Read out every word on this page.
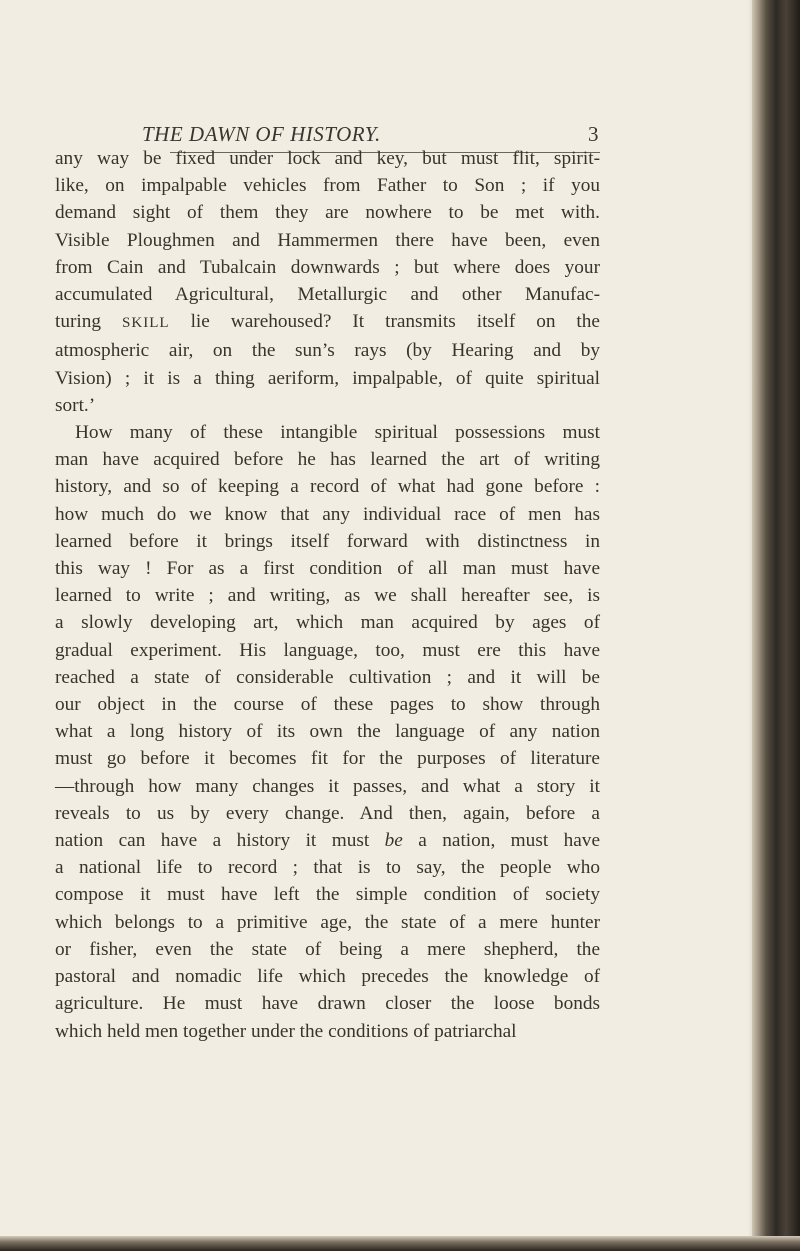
THE DAWN OF HISTORY.	3
any way be fixed under lock and key, but must flit, spirit-
like, on impalpable vehicles from Father to Son ; if you
demand sight of them they are nowhere to be met with.
Visible Ploughmen and Hammermen there have been, even
from Cain and Tubalcain downwards ; but where does your
accumulated Agricultural, Metallurgic and other Manufac-
turing SKILL lie warehoused? It transmits itself on the
atmospheric air, on the sun’s rays (by Hearing and by
Vision) ; it is a thing aeriform, impalpable, of quite spiritual
sort.’
How many of these intangible spiritual possessions must
man have acquired before he has learned the art of writing
history, and so of keeping a record of what had gone before :
how much do we know that any individual race of men has
learned before it brings itself forward with distinctness in
this way ! For as a first condition of all man must have
learned to write ; and writing, as we shall hereafter see, is
a slowly developing art, which man acquired by ages of
gradual experiment. His language, too, must ere this have
reached a state of considerable cultivation ; and it will be
our object in the course of these pages to show through
what a long history of its own the language of any nation
must go before it becomes fit for the purposes of literature
—through how many changes it passes, and what a story it
reveals to us by every change. And then, again, before a
nation can have a history it must be a nation, must have
a national life to record ; that is to say, the people who
compose it must have left the simple condition of society
which belongs to a primitive age, the state of a mere hunter
or fisher, even the state of being a mere shepherd, the
pastoral and nomadic life which precedes the knowledge of
agriculture. He must have drawn closer the loose bonds
which held men together under the conditions of patriarchal
